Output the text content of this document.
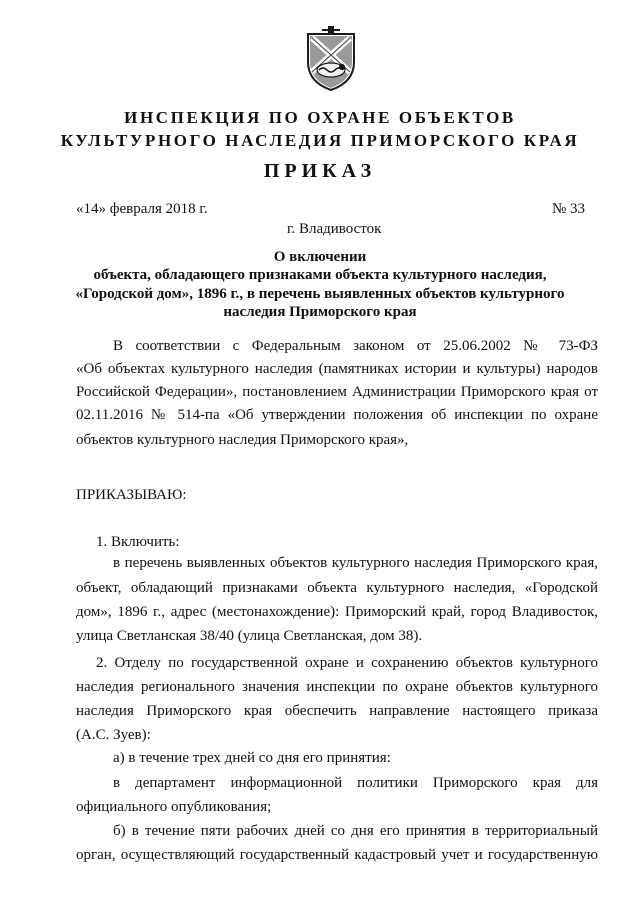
ИНСПЕКЦИЯ ПО ОХРАНЕ ОБЪЕКТОВ
КУЛЬТУРНОГО НАСЛЕДИЯ ПРИМОРСКОГО КРАЯ
ПРИКАЗ
«14» февраля 2018 г.	№ 33
г. Владивосток
О включении
объекта, обладающего признаками объекта культурного наследия,
«Городской дом», 1896 г., в перечень выявленных объектов культурного
наследия Приморского края
В соответствии с Федеральным законом от 25.06.2002 № 73-ФЗ
«Об объектах культурного наследия (памятниках истории и культуры) народов
Российской Федерации», постановлением Администрации Приморского края от
02.11.2016 № 514-па «Об утверждении положения об инспекции по охране
объектов культурного наследия Приморского края»,
ПРИКАЗЫВАЮ:
1. Включить:
в перечень выявленных объектов культурного наследия Приморского края,
объект, обладающий признаками объекта культурного наследия, «Городской
дом», 1896 г., адрес (местонахождение): Приморский край, город Владивосток,
улица Светланская 38/40 (улица Светланская, дом 38).
2. Отделу по государственной охране и сохранению объектов культурного
наследия регионального значения инспекции по охране объектов культурного
наследия Приморского края обеспечить направление настоящего приказа
(А.С. Зуев):
а) в течение трех дней со дня его принятия:
в департамент информационной политики Приморского края для
официального опубликования;
б) в течение пяти рабочих дней со дня его принятия в территориальный
орган, осуществляющий государственный кадастровый учет и государственную
